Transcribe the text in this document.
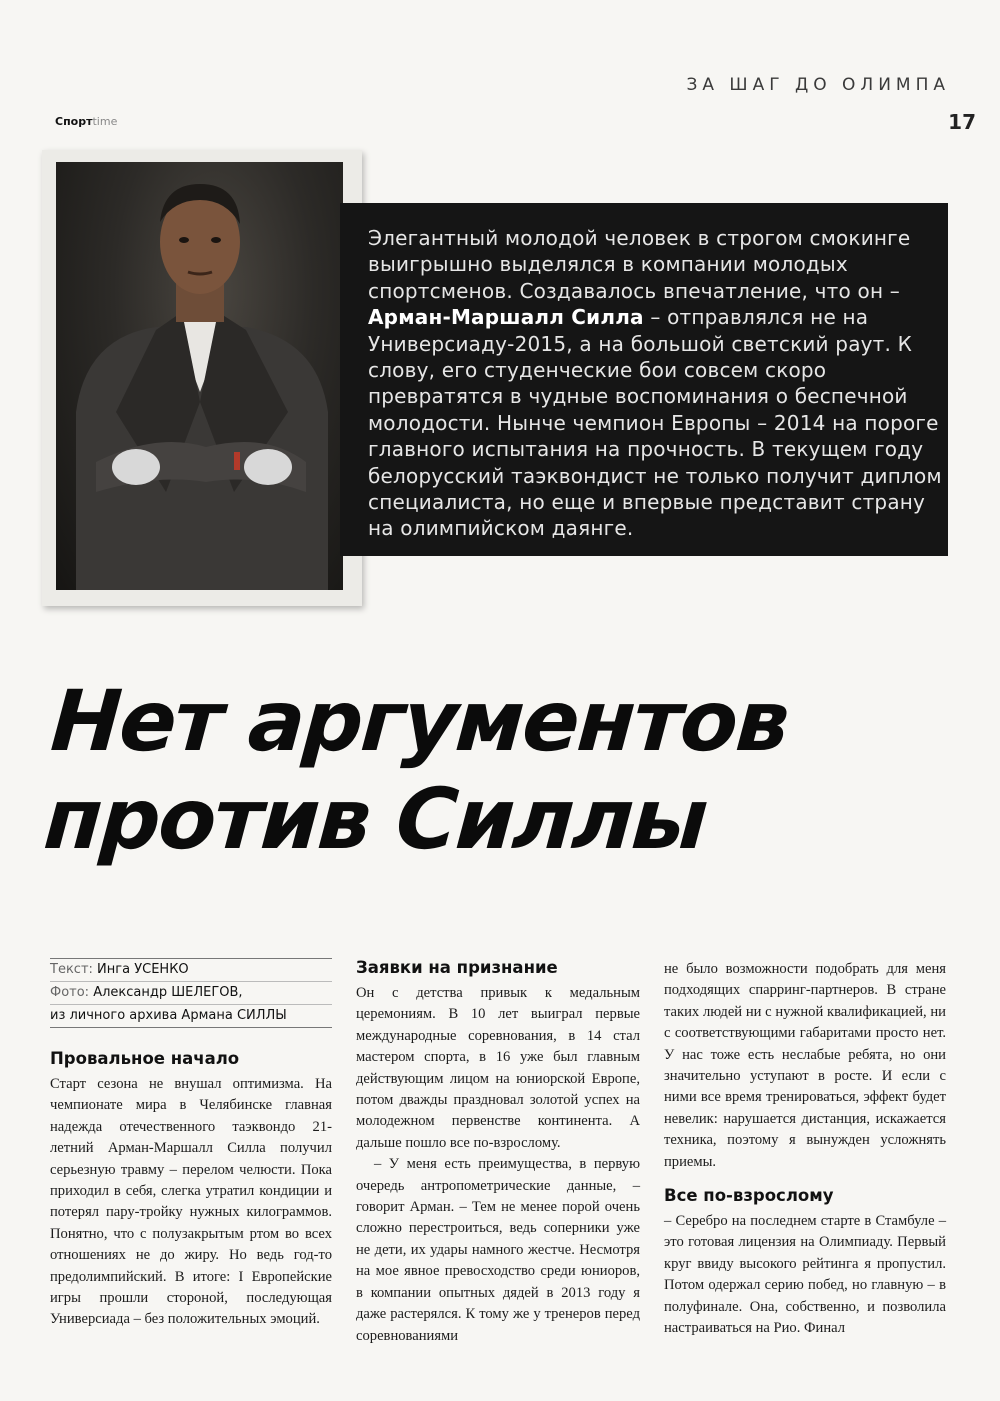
Спортtime
ЗА ШАГ ДО ОЛИМПА
17
Элегантный молодой человек в строгом смокинге выигрышно выделялся в компании молодых спортсменов. Создавалось впечатление, что он – Арман-Маршалл Силла – отправлялся не на Универсиаду-2015, а на большой светский раут. К слову, его студенческие бои совсем скоро превратятся в чудные воспоминания о беспечной молодости. Нынче чемпион Европы – 2014 на пороге главного испытания на прочность. В текущем году белорусский таэквондист не только получит диплом специалиста, но еще и впервые представит страну на олимпийском даянге.
Нет аргументов
против Силлы
Текст: Инга УСЕНКО
Фото: Александр ШЕЛЕГОВ,
из личного архива Армана СИЛЛЫ
Провальное начало

Старт сезона не внушал оптимизма. На чемпионате мира в Челябинске главная надежда отечественного таэквондо 21-летний Арман-Маршалл Силла получил серьезную травму – перелом челюсти. Пока приходил в себя, слегка утратил кондиции и потерял пару-тройку нужных килограммов. Понятно, что с полузакрытым ртом во всех отношениях не до жиру. Но ведь год-то предолимпийский. В итоге: I Европейские игры прошли стороной, последующая Универсиада – без положительных эмоций.

Заявки на признание

Он с детства привык к медальным церемониям. В 10 лет выиграл первые международные соревнования, в 14 стал мастером спорта, в 16 уже был главным действующим лицом на юниорской Европе, потом дважды праздновал золотой успех на молодежном первенстве континента. А дальше пошло все по-взрослому.

– У меня есть преимущества, в первую очередь антропометрические данные, – говорит Арман. – Тем не менее порой очень сложно перестроиться, ведь соперники уже не дети, их удары намного жестче. Несмотря на мое явное превосходство среди юниоров, в компании опытных дядей в 2013 году я даже растерялся. К тому же у тренеров перед соревнованиями

не было возможности подобрать для меня подходящих спарринг-партнеров. В стране таких людей ни с нужной квалификацией, ни с соответствующими габаритами просто нет. У нас тоже есть неслабые ребята, но они значительно уступают в росте. И если с ними все время тренироваться, эффект будет невелик: нарушается дистанция, искажается техника, поэтому я вынужден усложнять приемы.

Все по-взрослому

– Серебро на последнем старте в Стамбуле – это готовая лицензия на Олимпиаду. Первый круг ввиду высокого рейтинга я пропустил. Потом одержал серию побед, но главную – в полуфинале. Она, собственно, и позволила настраиваться на Рио. Финал
